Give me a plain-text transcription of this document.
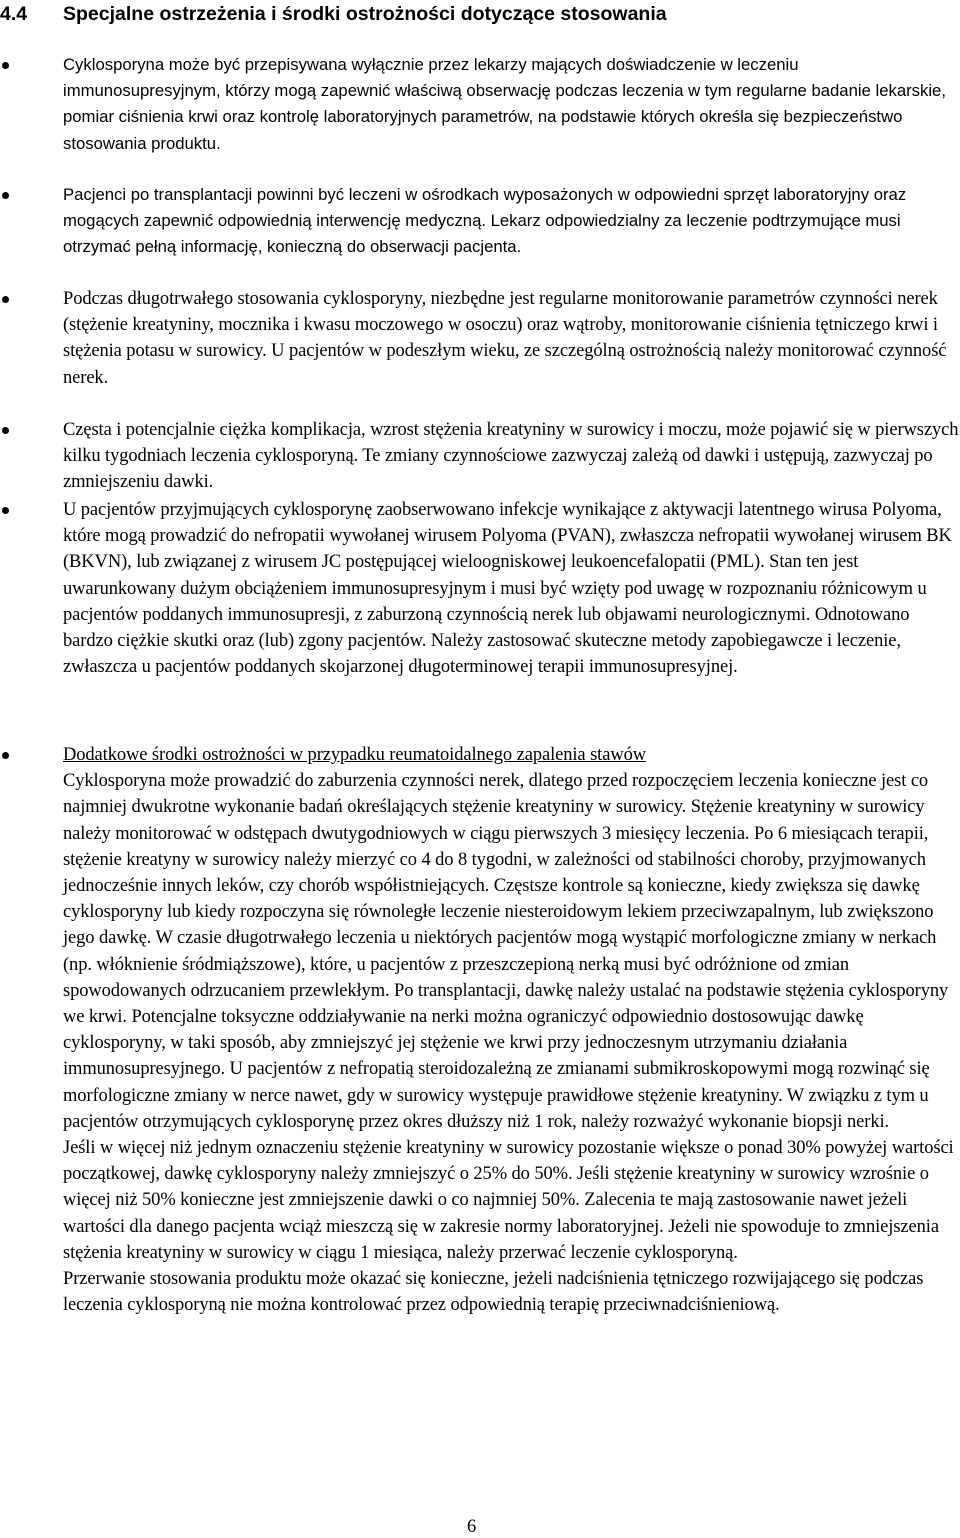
4.4 Specjalne ostrzeżenia i środki ostrożności dotyczące stosowania

Cyklosporyna może być przepisywana wyłącznie przez lekarzy mających doświadczenie w leczeniu immunosupresyjnym, którzy mogą zapewnić właściwą obserwację podczas leczenia w tym regularne badanie lekarskie, pomiar ciśnienia krwi oraz kontrolę laboratoryjnych parametrów, na podstawie których określa się bezpieczeństwo stosowania produktu.

Pacjenci po transplantacji powinni być leczeni w ośrodkach wyposażonych w odpowiedni sprzęt laboratoryjny oraz mogących zapewnić odpowiednią interwencję medyczną. Lekarz odpowiedzialny za leczenie podtrzymujące musi otrzymać pełną informację, konieczną do obserwacji pacjenta.

Podczas długotrwałego stosowania cyklosporyny, niezbędne jest regularne monitorowanie parametrów czynności nerek (stężenie kreatyniny, mocznika i kwasu moczowego w osoczu) oraz wątroby, monitorowanie ciśnienia tętniczego krwi i stężenia potasu w surowicy. U pacjentów w podeszłym wieku, ze szczególną ostrożnością należy monitorować czynność nerek.

Częsta i potencjalnie ciężka komplikacja, wzrost stężenia kreatyniny w surowicy i moczu, może pojawić się w pierwszych kilku tygodniach leczenia cyklosporyną. Te zmiany czynnościowe zazwyczaj zależą od dawki i ustępują, zazwyczaj po zmniejszeniu dawki.

U pacjentów przyjmujących cyklosporynę zaobserwowano infekcje wynikające z aktywacji latentnego wirusa Polyoma, które mogą prowadzić do nefropatii wywołanej wirusem Polyoma (PVAN), zwłaszcza nefropatii wywołanej wirusem BK (BKVN), lub związanej z wirusem JC postępującej wieloogniskowej leukoencefalopatii (PML). Stan ten jest uwarunkowany dużym obciążeniem immunosupresyjnym i musi być wzięty pod uwagę w rozpoznaniu różnicowym u pacjentów poddanych immunosupresji, z zaburzoną czynnością nerek lub objawami neurologicznymi. Odnotowano bardzo ciężkie skutki oraz (lub) zgony pacjentów. Należy zastosować skuteczne metody zapobiegawcze i leczenie, zwłaszcza u pacjentów poddanych skojarzonej długoterminowej terapii immunosupresyjnej.

Dodatkowe środki ostrożności w przypadku reumatoidalnego zapalenia stawów

Cyklosporyna może prowadzić do zaburzenia czynności nerek, dlatego przed rozpoczęciem leczenia konieczne jest co najmniej dwukrotne wykonanie badań określających stężenie kreatyniny w surowicy. Stężenie kreatyniny w surowicy należy monitorować w odstępach dwutygodniowych w ciągu pierwszych 3 miesięcy leczenia. Po 6 miesiącach terapii, stężenie kreatyny w surowicy należy mierzyć co 4 do 8 tygodni, w zależności od stabilności choroby, przyjmowanych jednocześnie innych leków, czy chorób współistniejących. Częstsze kontrole są konieczne, kiedy zwiększa się dawkę cyklosporyny lub kiedy rozpoczyna się równoległe leczenie niesteroidowym lekiem przeciwzapalnym, lub zwiększono jego dawkę. W czasie długotrwałego leczenia u niektórych pacjentów mogą wystąpić morfologiczne zmiany w nerkach (np. włóknienie śródmiąższowe), które, u pacjentów z przeszczepioną nerką musi być odróżnione od zmian spowodowanych odrzucaniem przewlekłym. Po transplantacji, dawkę należy ustalać na podstawie stężenia cyklosporyny we krwi. Potencjalne toksyczne oddziaływanie na nerki można ograniczyć odpowiednio dostosowując dawkę cyklosporyny, w taki sposób, aby zmniejszyć jej stężenie we krwi przy jednoczesnym utrzymaniu działania immunosupresyjnego. U pacjentów z nefropatią steroidozależną ze zmianami submikroskopowymi mogą rozwinąć się morfologiczne zmiany w nerce nawet, gdy w surowicy występuje prawidłowe stężenie kreatyniny. W związku z tym u pacjentów otrzymujących cyklosporynę przez okres dłuższy niż 1 rok, należy rozważyć wykonanie biopsji nerki.

Jeśli w więcej niż jednym oznaczeniu stężenie kreatyniny w surowicy pozostanie większe o ponad 30% powyżej wartości początkowej, dawkę cyklosporyny należy zmniejszyć o 25% do 50%. Jeśli stężenie kreatyniny w surowicy wzrośnie o więcej niż 50% konieczne jest zmniejszenie dawki o co najmniej 50%. Zalecenia te mają zastosowanie nawet jeżeli wartości dla danego pacjenta wciąż mieszczą się w zakresie normy laboratoryjnej. Jeżeli nie spowoduje to zmniejszenia stężenia kreatyniny w surowicy w ciągu 1 miesiąca, należy przerwać leczenie cyklosporyną.

Przerwanie stosowania produktu może okazać się konieczne, jeżeli nadciśnienia tętniczego rozwijającego się podczas leczenia cyklosporyną nie można kontrolować przez odpowiednią terapię przeciwnadciśnieniową.

6
